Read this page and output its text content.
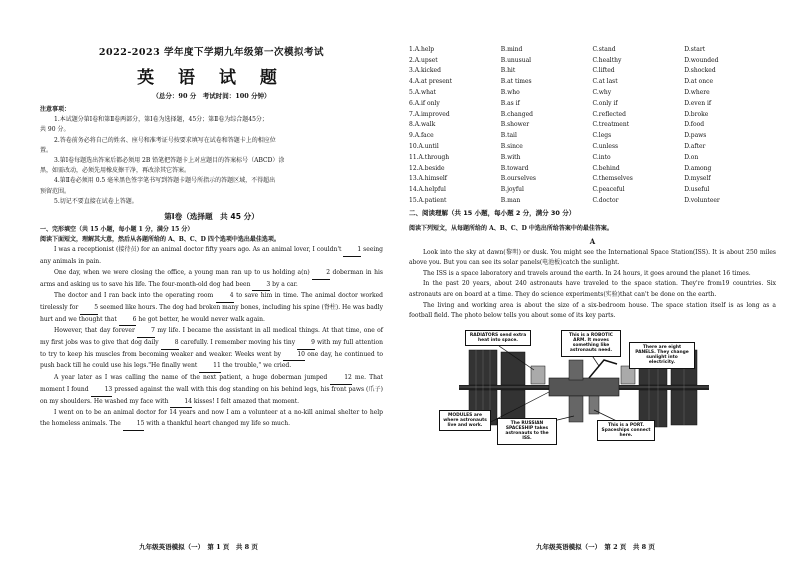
2022-2023 学年度下学期九年级第一次模拟考试
英 语 试 题
（总分：90 分　考试时间：100 分钟）

注意事项：

1.本试题分第Ⅰ卷和第Ⅱ卷两部分，第Ⅰ卷为选择题，45分；第Ⅱ卷为综合题45分；

共 90 分。

2.答卷前务必将自己的姓名、座号和准考证号按要求填写在试卷和答题卡上的相应位

置。

3.第Ⅰ卷每题选出答案后都必须用 2B 铅笔把答题卡上对应题目的答案标号（ABCD）涂

黑，如需改动，必须先用橡皮擦干净，再改涂其它答案。

4.第Ⅱ卷必须用 0.5 毫米黑色签字笔书写到答题卡题号所指示的答题区域，不得超出

预留范围。

5.切记不要直接在试卷上答题。

第Ⅰ卷（选择题　共 45 分）

一、完形填空（共 15 小题，每小题 1 分，满分 15 分）

阅读下面短文，理解其大意，然后从各题所给的 A、B、C、D 四个选项中选出最佳选项。

I was a receptionist (接待员) for an animal doctor fifty years ago. As an animal lover, I couldn't 1 seeing any animals in pain.

One day, when we were closing the office, a young man ran up to us holding a(n) 2 doberman in his arms and asking us to save his life. The four-month-old dog had been 3 by a car.

The doctor and I ran back into the operating room 4 to save him in time. The animal doctor worked tirelessly for 5 seemed like hours. The dog had broken many bones, including his spine (脊柱). He was badly hurt and we thought that 6 he got better, he would never walk again.

However, that day forever 7 my life. I became the assistant in all medical things. At that time, one of my first jobs was to give that dog daily 8 carefully. I remember moving his tiny 9 with my full attention to try to keep his muscles from becoming weaker and weaker. Weeks went by 10 one day, he continued to push back till he could use his legs."He finally went 11 the trouble," we cried.

A year later as I was calling the name of the next patient, a huge doberman jumped 12 me. That moment I found 13 pressed against the wall with this dog standing on his behind legs, his front paws (爪子) on my shoulders. He washed my face with 14 kisses! I felt amazed that moment.

I went on to be an animal doctor for 14 years and now I am a volunteer at a no-kill animal shelter to help the homeless animals. The 15 with a thankful heart changed my life so much.

九年级英语模拟（一）　第 1 页　共 8 页
1.A.help	B.mind	C.stand	D.start
2.A.upset	B.unusual	C.healthy	D.wounded
3.A.kicked	B.hit	C.lifted	D.shocked
4.A.at present	B.at times	C.at last	D.at once
5.A.what	B.who	C.why	D.where
6.A.if only	B.as if	C.only if	D.even if
7.A.improved	B.changed	C.reflected	D.broke
8.A.walk	B.shower	C.treatment	D.food
9.A.face	B.tail	C.legs	D.paws
10.A.until	B.since	C.unless	D.after
11.A.through	B.with	C.into	D.on
12.A.beside	B.toward	C.behind	D.among
13.A.himself	B.ourselves	C.themselves	D.myself
14.A.helpful	B.joyful	C.peaceful	D.useful
15.A.patient	B.man	C.doctor	D.volunteer

二、阅读理解（共 15 小题，每小题 2 分，满分 30 分）

阅读下列短文，从每题所给的 A、B、C、D 中选出所给答案中的最佳答案。

A

Look into the sky at dawn(黎明) or dusk. You might see the International Space Station(ISS). It is about 250 miles above you. But you can see its solar panels(电池板)catch the sunlight.

The ISS is a space laboratory and travels around the earth. In 24 hours, it goes around the planet 16 times.

In the past 20 years, about 240 astronauts have traveled to the space station. They're from19 countries. Six astronauts are on board at a time. They do science experiments(实验)that can't be done on the earth.

The living and working area is about the size of a six-bedroom house. The space station itself is as long as a football field. The photo below tells you about some of its key parts.

RADIATORS send extra heat into space.
This is a ROBOTIC ARM. It moves something like astronauts need.
There are eight PANELS. They change sunlight into electricity.
MODULES are where astronauts live and work.	The RUSSIAN SPACESHIP takes astronauts to the ISS.
This is a PORT. Spaceships connect here.
九年级英语模拟（一）　第 2 页　共 8 页
